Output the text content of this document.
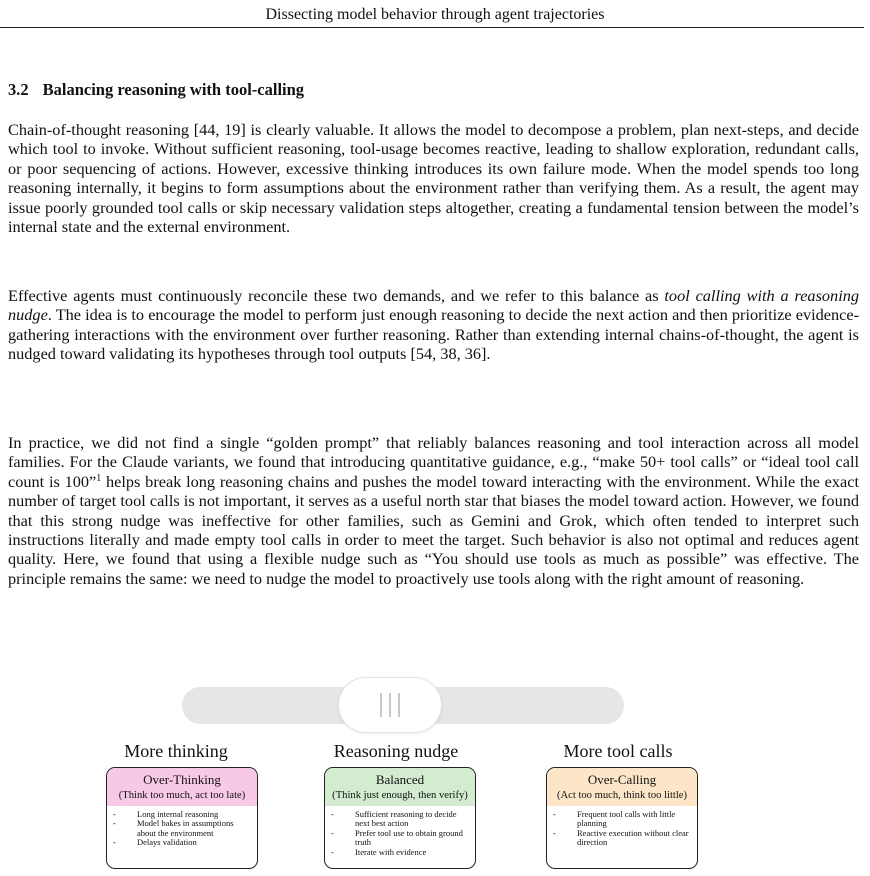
Dissecting model behavior through agent trajectories
3.2 Balancing reasoning with tool-calling

Chain-of-thought reasoning [44, 19] is clearly valuable. It allows the model to decompose a problem, plan next-steps, and decide which tool to invoke. Without sufficient reasoning, tool-usage becomes reactive, leading to shallow exploration, redundant calls, or poor sequencing of actions. However, excessive thinking introduces its own failure mode. When the model spends too long reasoning internally, it begins to form assumptions about the environment rather than verifying them. As a result, the agent may issue poorly grounded tool calls or skip necessary validation steps altogether, creating a fundamental tension between the model’s internal state and the external environment.

Effective agents must continuously reconcile these two demands, and we refer to this balance as tool calling with a reasoning nudge. The idea is to encourage the model to perform just enough reasoning to decide the next action and then prioritize evidence-gathering interactions with the environment over further reasoning. Rather than extending internal chains-of-thought, the agent is nudged toward validating its hypotheses through tool outputs [54, 38, 36].

In practice, we did not find a single “golden prompt” that reliably balances reasoning and tool interaction across all model families. For the Claude variants, we found that introducing quantitative guidance, e.g., “make 50+ tool calls” or “ideal tool call count is 100”$^1$ helps break long reasoning chains and pushes the model toward interacting with the environment. While the exact number of target tool calls is not important, it serves as a useful north star that biases the model toward action. However, we found that this strong nudge was ineffective for other families, such as Gemini and Grok, which often tended to interpret such instructions literally and made empty tool calls in order to meet the target. Such behavior is also not optimal and reduces agent quality. Here, we found that using a flexible nudge such as “You should use tools as much as possible” was effective. The principle remains the same: we need to nudge the model to proactively use tools along with the right amount of reasoning.

More thinking	Reasoning nudge	More tool calls
Over-Thinking
(Think too much, act too late)
- Long internal reasoning
- Model bakes in assumptions about the environment
- Delays validation
Balanced
(Think just enough, then verify)
- Sufficient reasoning to decide next best action
- Prefer tool use to obtain ground truth
- Iterate with evidence
Over-Calling
(Act too much, think too little)
- Frequent tool calls with little planning
- Reactive execution without clear direction
